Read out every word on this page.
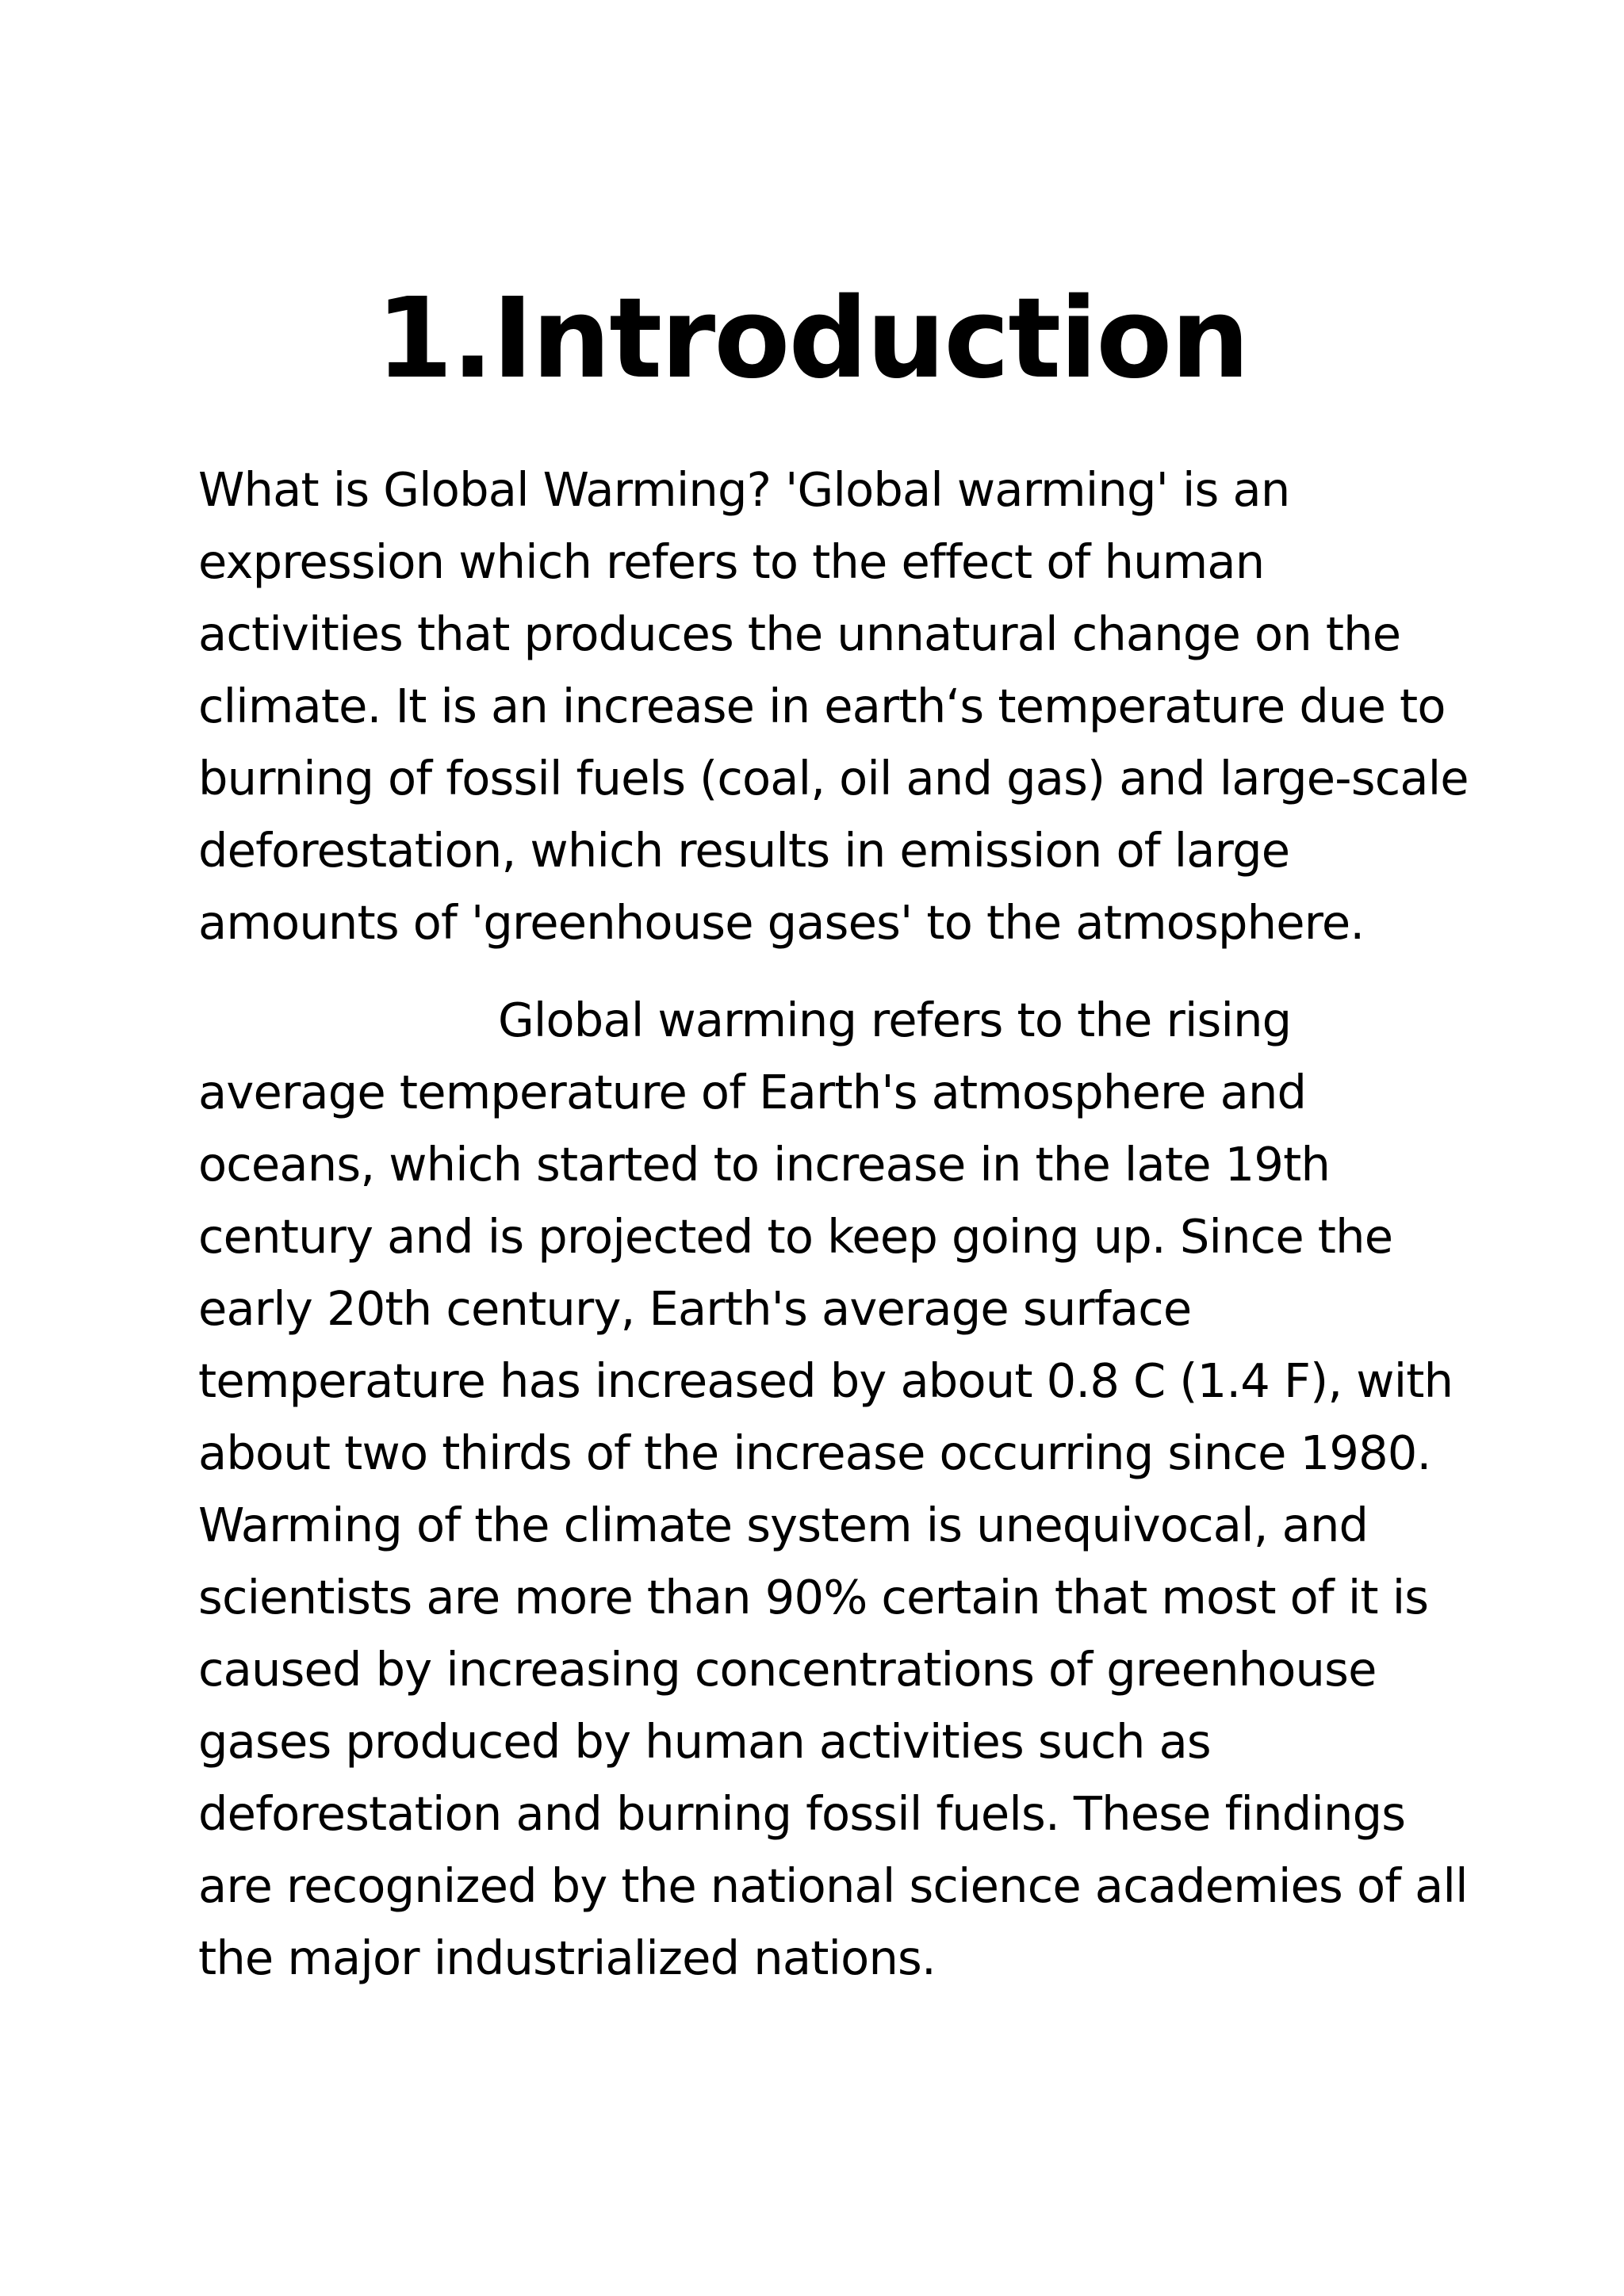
1.Introduction
What is Global Warming? 'Global warming' is an
expression which refers to the effect of human
activities that produces the unnatural change on the
climate. It is an increase in earth‘s temperature due to
burning of fossil fuels (coal, oil and gas) and large-scale
deforestation, which results in emission of large
amounts of 'greenhouse gases' to the atmosphere.
Global warming refers to the rising
average temperature of Earth's atmosphere and
oceans, which started to increase in the late 19th
century and is projected to keep going up. Since the
early 20th century, Earth's average surface
temperature has increased by about 0.8 C (1.4 F), with
about two thirds of the increase occurring since 1980.
Warming of the climate system is unequivocal, and
scientists are more than 90% certain that most of it is
caused by increasing concentrations of greenhouse
gases produced by human activities such as
deforestation and burning fossil fuels. These findings
are recognized by the national science academies of all
the major industrialized nations.
